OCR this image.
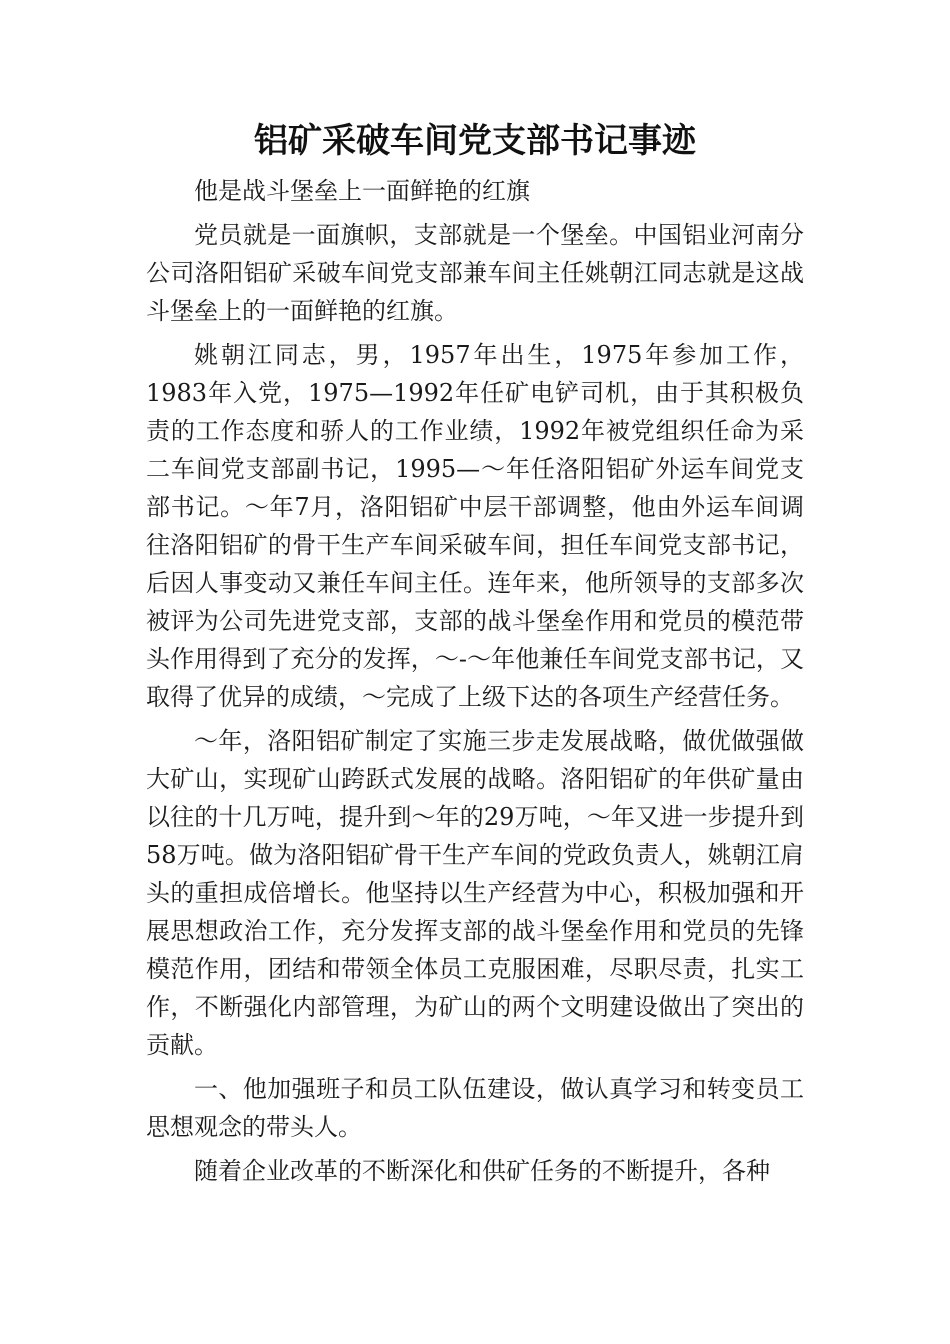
铝矿采破车间党支部书记事迹

他是战斗堡垒上一面鲜艳的红旗

党员就是一面旗帜，支部就是一个堡垒。中国铝业河南分公司洛阳铝矿采破车间党支部兼车间主任姚朝江同志就是这战斗堡垒上的一面鲜艳的红旗。

姚朝江同志，男，1957年出生，1975年参加工作，1983年入党，1975—1992年任矿电铲司机，由于其积极负责的工作态度和骄人的工作业绩，1992年被党组织任命为采二车间党支部副书记，1995—～年任洛阳铝矿外运车间党支部书记。～年7月，洛阳铝矿中层干部调整，他由外运车间调往洛阳铝矿的骨干生产车间采破车间，担任车间党支部书记，后因人事变动又兼任车间主任。连年来，他所领导的支部多次被评为公司先进党支部，支部的战斗堡垒作用和党员的模范带头作用得到了充分的发挥，～-～年他兼任车间党支部书记，又取得了优异的成绩，～完成了上级下达的各项生产经营任务。

～年，洛阳铝矿制定了实施三步走发展战略，做优做强做大矿山，实现矿山跨跃式发展的战略。洛阳铝矿的年供矿量由以往的十几万吨，提升到～年的29万吨，～年又进一步提升到58万吨。做为洛阳铝矿骨干生产车间的党政负责人，姚朝江肩头的重担成倍增长。他坚持以生产经营为中心，积极加强和开展思想政治工作，充分发挥支部的战斗堡垒作用和党员的先锋模范作用，团结和带领全体员工克服困难，尽职尽责，扎实工作，不断强化内部管理，为矿山的两个文明建设做出了突出的贡献。

一、他加强班子和员工队伍建设，做认真学习和转变员工思想观念的带头人。

随着企业改革的不断深化和供矿任务的不断提升，各种
